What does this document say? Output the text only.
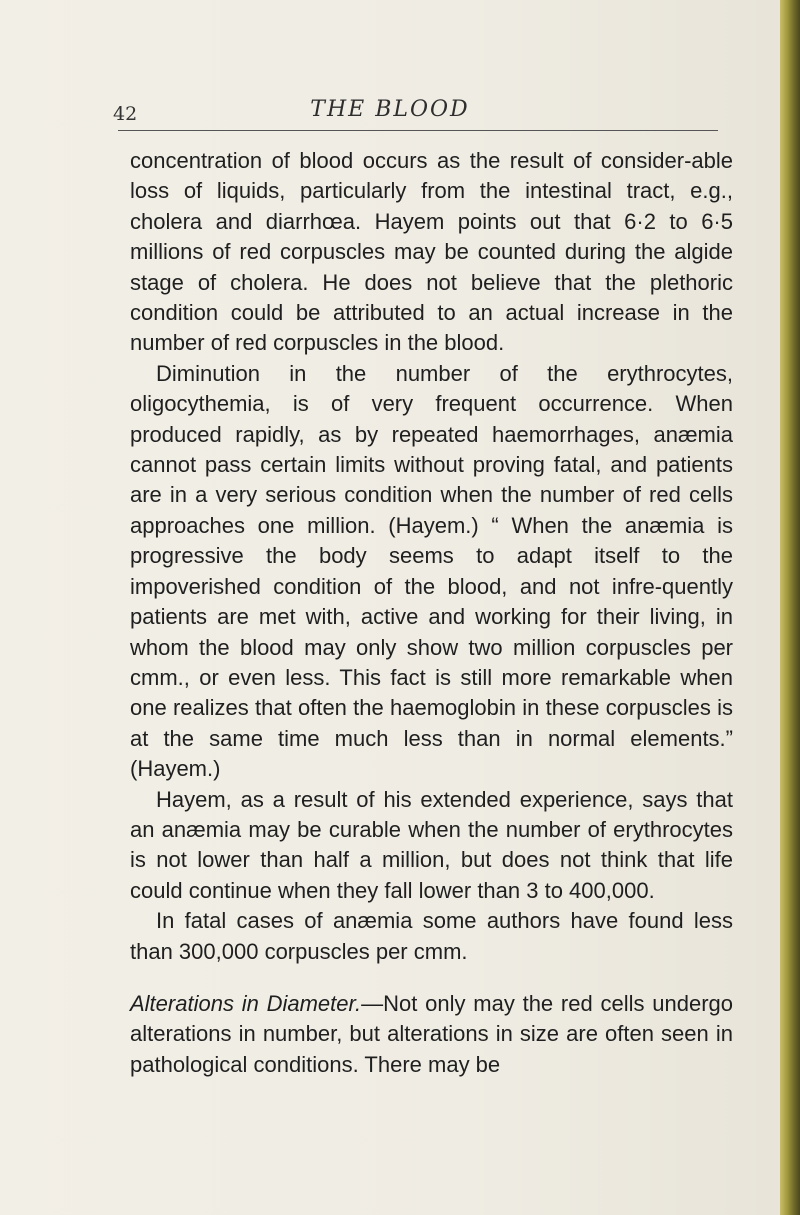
42	THE BLOOD

concentration of blood occurs as the result of consider-able loss of liquids, particularly from the intestinal tract, e.g., cholera and diarrhœa. Hayem points out that 6·2 to 6·5 millions of red corpuscles may be counted during the algide stage of cholera. He does not believe that the plethoric condition could be attributed to an actual increase in the number of red corpuscles in the blood.

Diminution in the number of the erythrocytes, oligocythemia, is of very frequent occurrence. When produced rapidly, as by repeated haemorrhages, anæmia cannot pass certain limits without proving fatal, and patients are in a very serious condition when the number of red cells approaches one million. (Hayem.) “ When the anæmia is progressive the body seems to adapt itself to the impoverished condition of the blood, and not infre-quently patients are met with, active and working for their living, in whom the blood may only show two million corpuscles per cmm., or even less. This fact is still more remarkable when one realizes that often the haemoglobin in these corpuscles is at the same time much less than in normal elements.” (Hayem.)

Hayem, as a result of his extended experience, says that an anæmia may be curable when the number of erythrocytes is not lower than half a million, but does not think that life could continue when they fall lower than 3 to 400,000.

In fatal cases of anæmia some authors have found less than 300,000 corpuscles per cmm.

Alterations in Diameter.—Not only may the red cells undergo alterations in number, but alterations in size are often seen in pathological conditions. There may be
